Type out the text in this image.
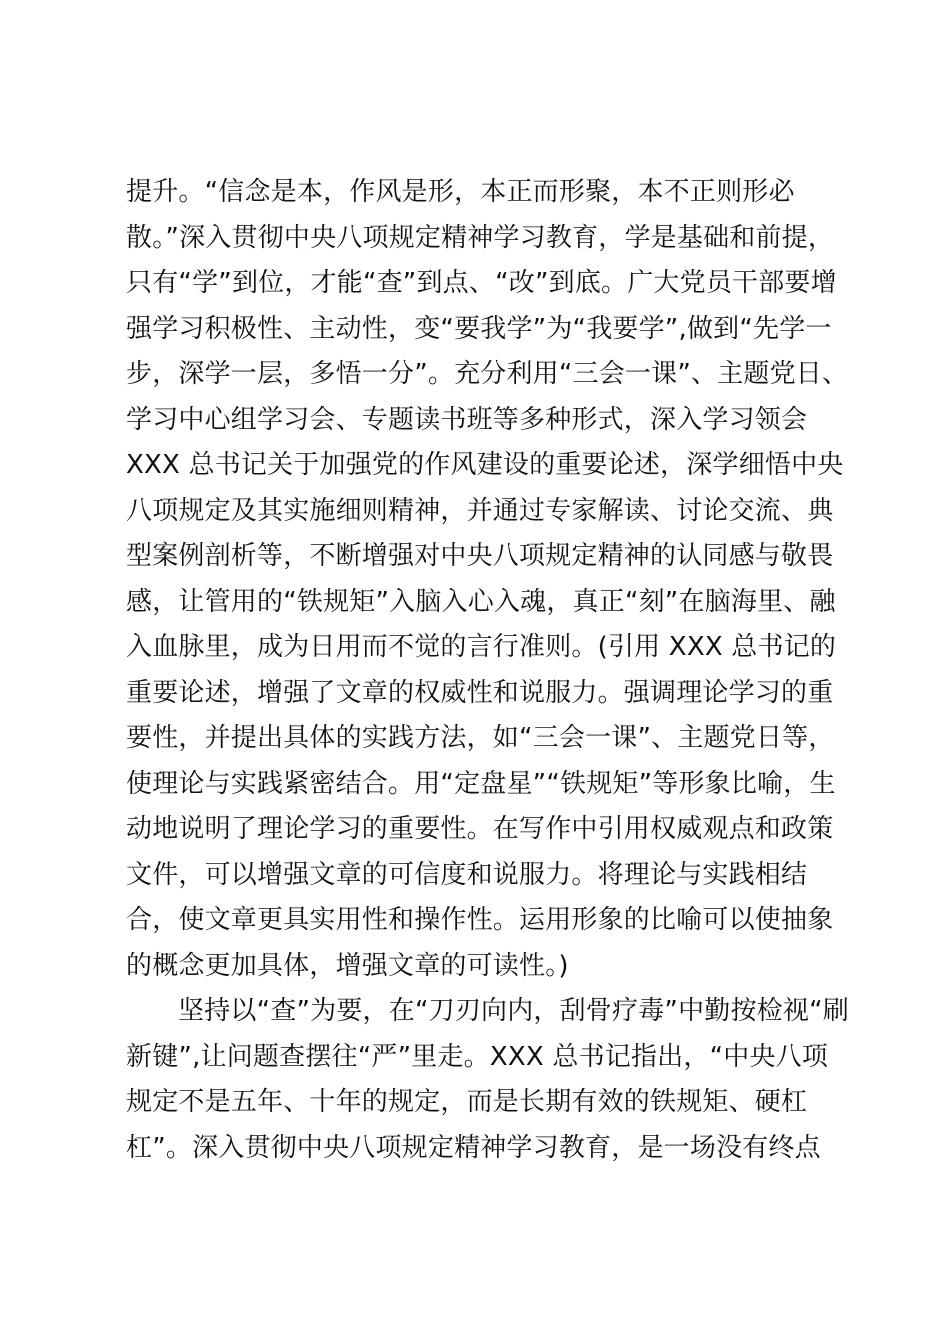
提升。“信念是本，作风是形，本正而形聚，本不正则形必
散。”深入贯彻中央八项规定精神学习教育，学是基础和前提，
只有“学”到位，才能“查”到点、“改”到底。广大党员干部要增
强学习积极性、主动性，变“要我学”为“我要学”,做到“先学一
步，深学一层，多悟一分”。充分利用“三会一课”、主题党日、
学习中心组学习会、专题读书班等多种形式，深入学习领会
XXX 总书记关于加强党的作风建设的重要论述，深学细悟中央
八项规定及其实施细则精神，并通过专家解读、讨论交流、典
型案例剖析等，不断增强对中央八项规定精神的认同感与敬畏
感，让管用的“铁规矩”入脑入心入魂，真正“刻”在脑海里、融
入血脉里，成为日用而不觉的言行准则。(引用 XXX 总书记的
重要论述，增强了文章的权威性和说服力。强调理论学习的重
要性，并提出具体的实践方法，如“三会一课”、主题党日等，
使理论与实践紧密结合。用“定盘星”“铁规矩”等形象比喻，生
动地说明了理论学习的重要性。在写作中引用权威观点和政策
文件，可以增强文章的可信度和说服力。将理论与实践相结
合，使文章更具实用性和操作性。运用形象的比喻可以使抽象
的概念更加具体，增强文章的可读性。)
坚持以“查”为要，在“刀刃向内，刮骨疗毒”中勤按检视“刷
新键”,让问题查摆往“严”里走。XXX 总书记指出，“中央八项
规定不是五年、十年的规定，而是长期有效的铁规矩、硬杠
杠”。深入贯彻中央八项规定精神学习教育，是一场没有终点
